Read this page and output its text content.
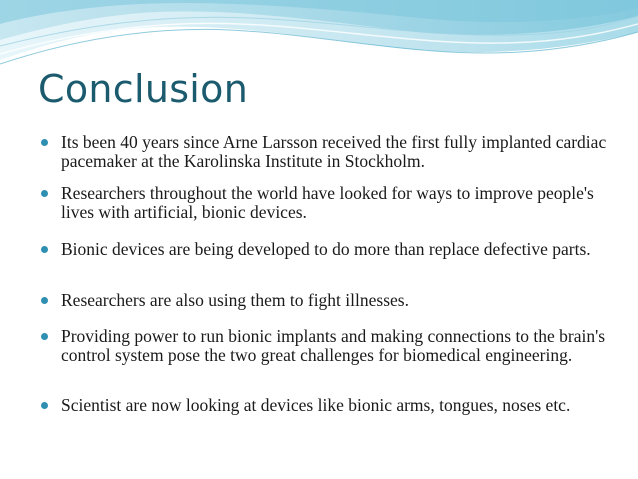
Conclusion
Its been 40 years since Arne Larsson received the first fully implanted cardiac pacemaker at the Karolinska Institute in Stockholm.
Researchers throughout the world have looked for ways to improve people's lives with artificial, bionic devices.
Bionic devices are being developed to do more than replace defective parts.
Researchers are also using them to fight illnesses.
Providing power to run bionic implants and making connections to the brain's control system pose the two great challenges for biomedical engineering.
Scientist are now looking at devices like bionic arms, tongues, noses etc.
